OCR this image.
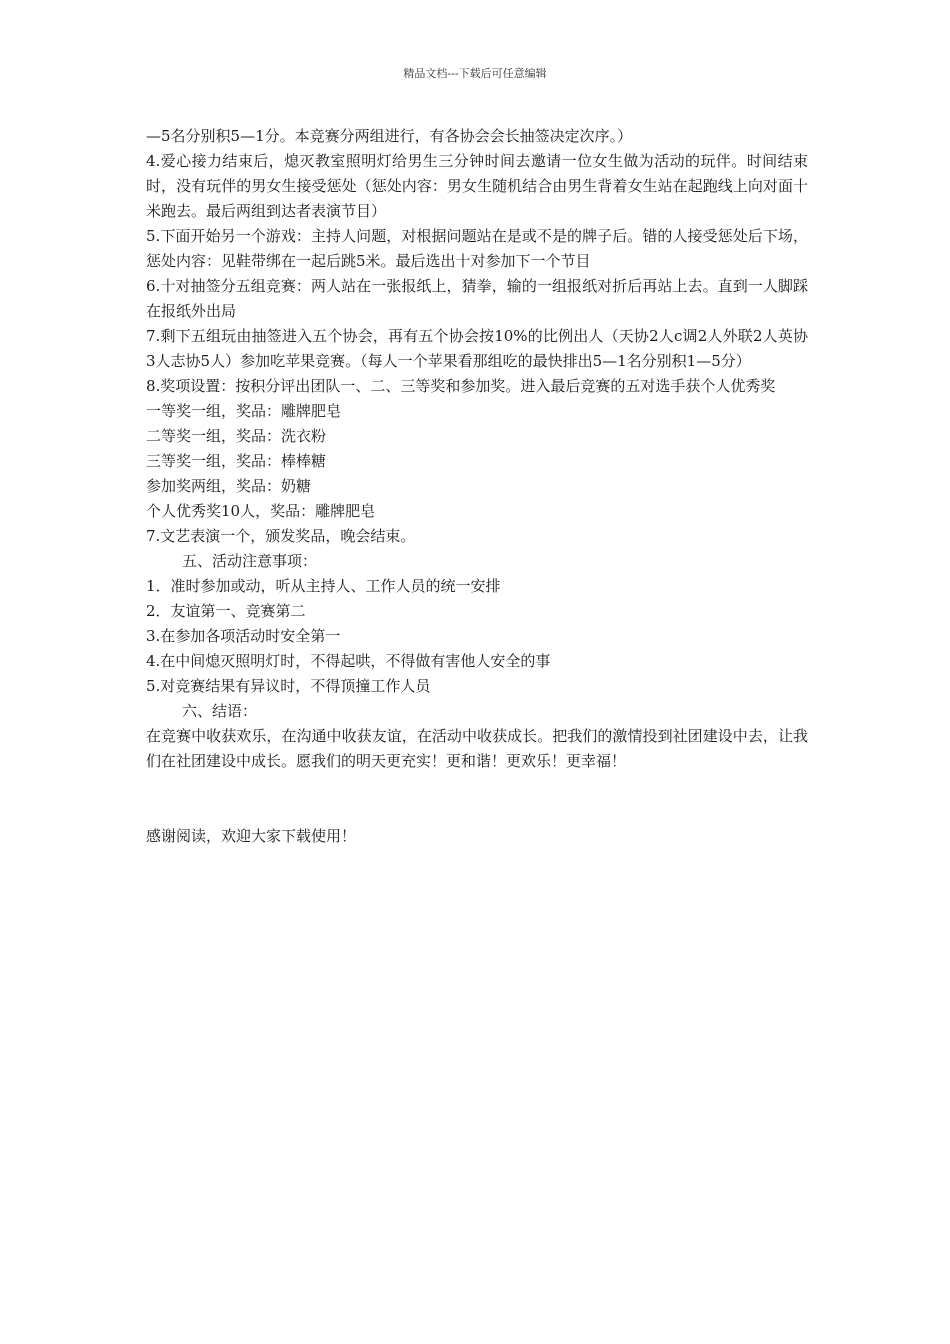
精品文档---下载后可任意编辑

—5名分别积5—1分。本竞赛分两组进行，有各协会会长抽签决定次序。）

4.爱心接力结束后，熄灭教室照明灯给男生三分钟时间去邀请一位女生做为活动的玩伴。时间结束时，没有玩伴的男女生接受惩处（惩处内容：男女生随机结合由男生背着女生站在起跑线上向对面十米跑去。最后两组到达者表演节目）

5.下面开始另一个游戏：主持人问题，对根据问题站在是或不是的牌子后。错的人接受惩处后下场，惩处内容：见鞋带绑在一起后跳5米。最后选出十对参加下一个节目

6.十对抽签分五组竞赛：两人站在一张报纸上，猜拳，输的一组报纸对折后再站上去。直到一人脚踩在报纸外出局

7.剩下五组玩由抽签进入五个协会，再有五个协会按10%的比例出人（天协2人c调2人外联2人英协3人志协5人）参加吃苹果竞赛。（每人一个苹果看那组吃的最快排出5—1名分别积1—5分）

8.奖项设置：按积分评出团队一、二、三等奖和参加奖。进入最后竞赛的五对选手获个人优秀奖

一等奖一组，奖品：雕牌肥皂

二等奖一组，奖品：洗衣粉

三等奖一组，奖品：棒棒糖

参加奖两组，奖品：奶糖

个人优秀奖10人，奖品：雕牌肥皂

7.文艺表演一个，颁发奖品，晚会结束。

五、活动注意事项：

1．准时参加或动，听从主持人、工作人员的统一安排

2．友谊第一、竞赛第二

3.在参加各项活动时安全第一

4.在中间熄灭照明灯时，不得起哄，不得做有害他人安全的事

5.对竞赛结果有异议时，不得顶撞工作人员

六、结语：

在竞赛中收获欢乐，在沟通中收获友谊，在活动中收获成长。把我们的激情投到社团建设中去，让我们在社团建设中成长。愿我们的明天更充实！更和谐！更欢乐！更幸福！

感谢阅读，欢迎大家下载使用！
